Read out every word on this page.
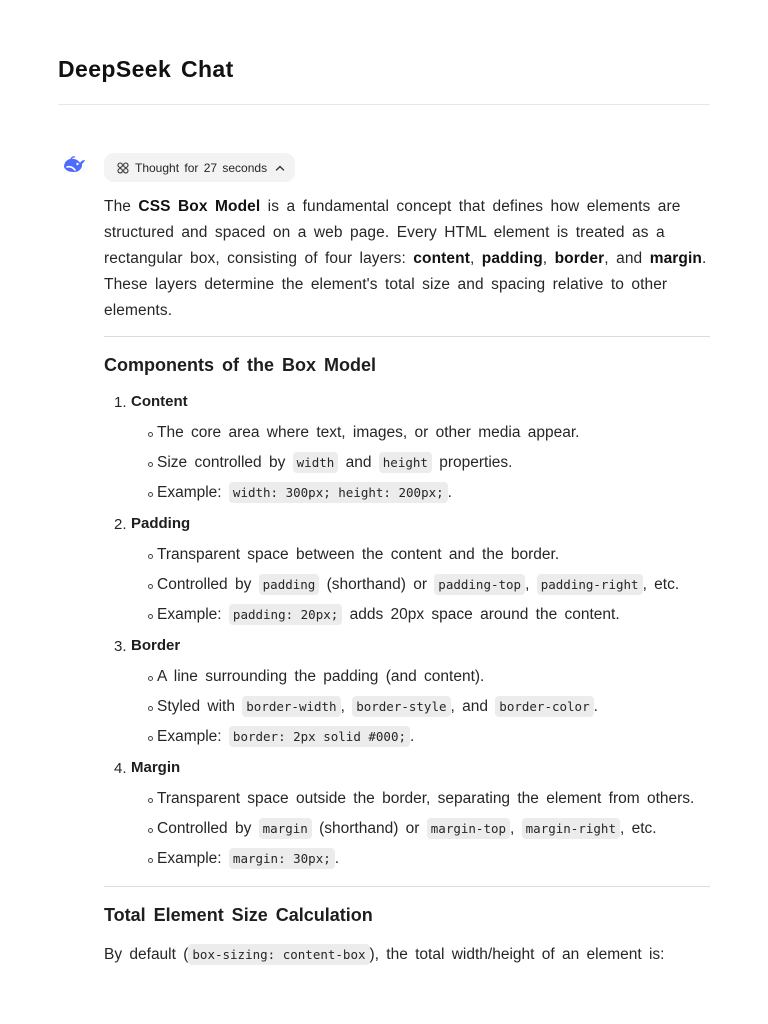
DeepSeek Chat
Thought for 27 seconds

The CSS Box Model is a fundamental concept that defines how elements are structured and spaced on a web page. Every HTML element is treated as a rectangular box, consisting of four layers: content, padding, border, and margin. These layers determine the element's total size and spacing relative to other elements.

Components of the Box Model
1. Content
The core area where text, images, or other media appear.
Size controlled by width and height properties.
Example: width: 300px; height: 200px; .
2. Padding
Transparent space between the content and the border.
Controlled by padding (shorthand) or padding-top , padding-right , etc.
Example: padding: 20px; adds 20px space around the content.
3. Border
A line surrounding the padding (and content).
Styled with border-width , border-style , and border-color .
Example: border: 2px solid #000; .
4. Margin
Transparent space outside the border, separating the element from others.
Controlled by margin (shorthand) or margin-top , margin-right , etc.
Example: margin: 30px; .
Total Element Size Calculation

By default ( box-sizing: content-box ), the total width/height of an element is:
